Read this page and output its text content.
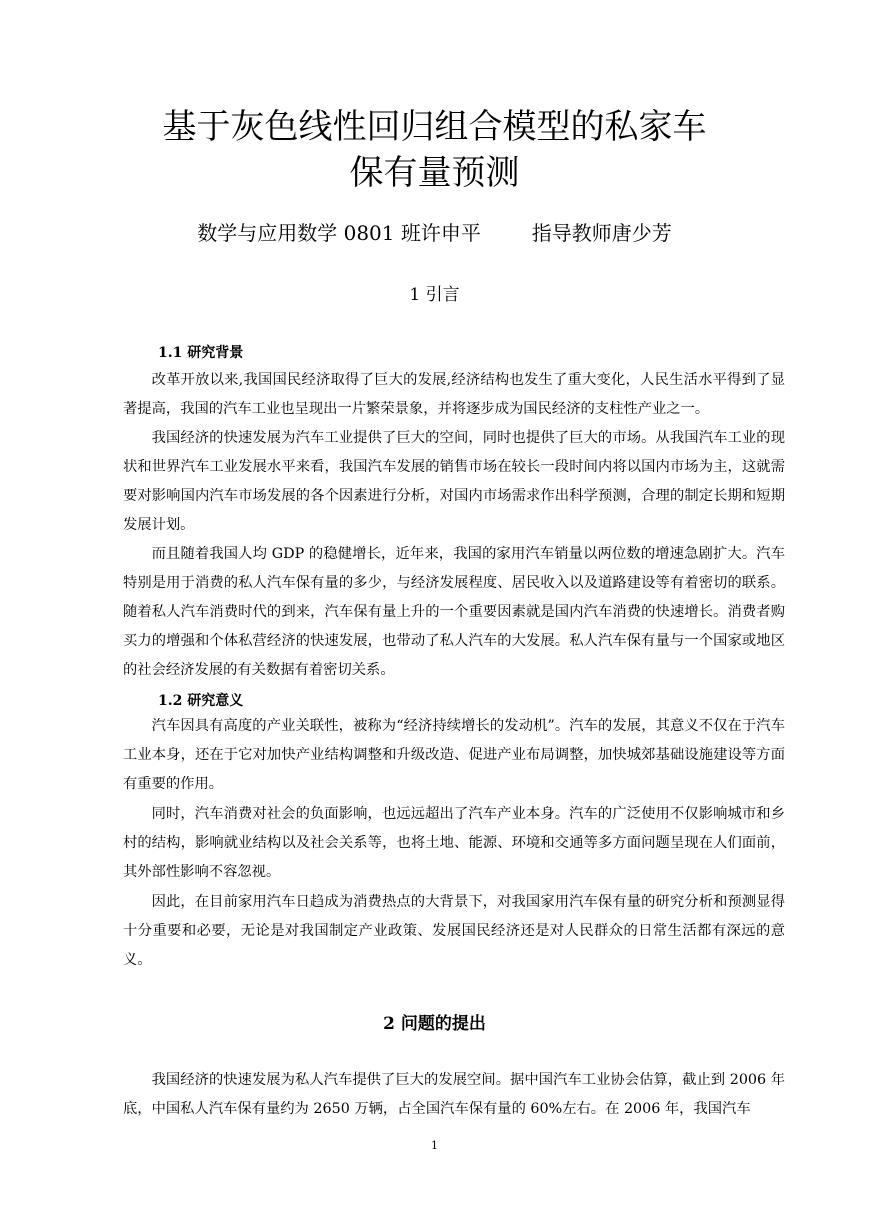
基于灰色线性回归组合模型的私家车
保有量预测
数学与应用数学 0801 班许申平        指导教师唐少芳
1 引言
1.1 研究背景
改革开放以来,我国国民经济取得了巨大的发展,经济结构也发生了重大变化，人民生活水平得到了显著提高，我国的汽车工业也呈现出一片繁荣景象，并将逐步成为国民经济的支柱性产业之一。
我国经济的快速发展为汽车工业提供了巨大的空间，同时也提供了巨大的市场。从我国汽车工业的现状和世界汽车工业发展水平来看，我国汽车发展的销售市场在较长一段时间内将以国内市场为主，这就需要对影响国内汽车市场发展的各个因素进行分析，对国内市场需求作出科学预测，合理的制定长期和短期发展计划。
而且随着我国人均 GDP 的稳健增长，近年来，我国的家用汽车销量以两位数的增速急剧扩大。汽车特别是用于消费的私人汽车保有量的多少，与经济发展程度、居民收入以及道路建设等有着密切的联系。随着私人汽车消费时代的到来，汽车保有量上升的一个重要因素就是国内汽车消费的快速增长。消费者购买力的增强和个体私营经济的快速发展，也带动了私人汽车的大发展。私人汽车保有量与一个国家或地区的社会经济发展的有关数据有着密切关系。
1.2 研究意义
汽车因具有高度的产业关联性，被称为“经济持续增长的发动机”。汽车的发展，其意义不仅在于汽车工业本身，还在于它对加快产业结构调整和升级改造、促进产业布局调整，加快城郊基础设施建设等方面有重要的作用。
同时，汽车消费对社会的负面影响，也远远超出了汽车产业本身。汽车的广泛使用不仅影响城市和乡村的结构，影响就业结构以及社会关系等，也将土地、能源、环境和交通等多方面问题呈现在人们面前，其外部性影响不容忽视。
因此，在目前家用汽车日趋成为消费热点的大背景下，对我国家用汽车保有量的研究分析和预测显得十分重要和必要，无论是对我国制定产业政策、发展国民经济还是对人民群众的日常生活都有深远的意义。
2 问题的提出
我国经济的快速发展为私人汽车提供了巨大的发展空间。据中国汽车工业协会估算，截止到 2006 年底，中国私人汽车保有量约为 2650 万辆，占全国汽车保有量的 60%左右。在 2006 年，我国汽车
1
